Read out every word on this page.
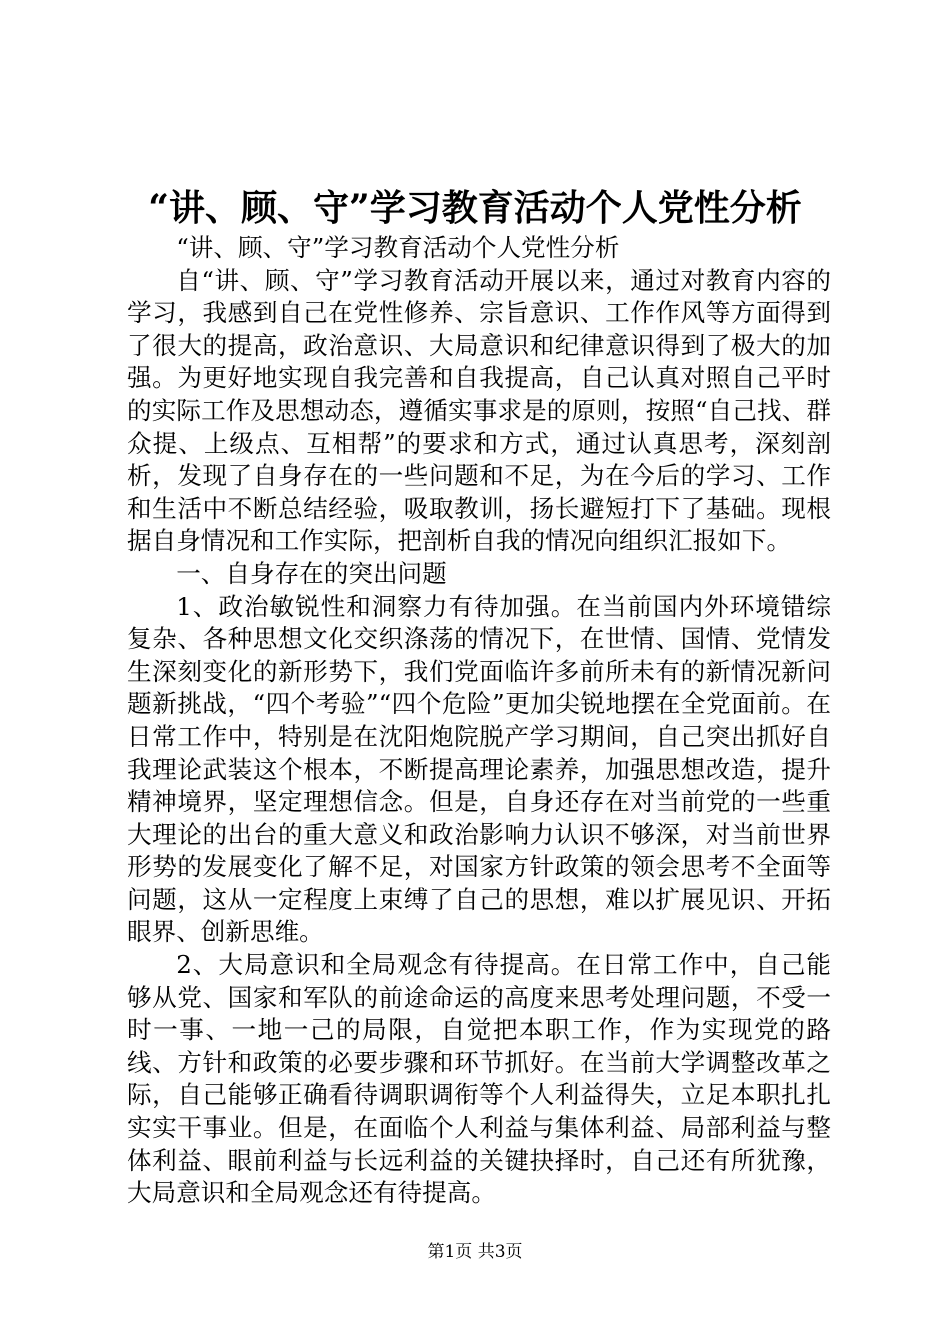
“讲、顾、守”学习教育活动个人党性分析

“讲、顾、守”学习教育活动个人党性分析

自“讲、顾、守”学习教育活动开展以来，通过对教育内容的学习，我感到自己在党性修养、宗旨意识、工作作风等方面得到了很大的提高，政治意识、大局意识和纪律意识得到了极大的加强。为更好地实现自我完善和自我提高，自己认真对照自己平时的实际工作及思想动态，遵循实事求是的原则，按照“自己找、群众提、上级点、互相帮”的要求和方式，通过认真思考，深刻剖析，发现了自身存在的一些问题和不足，为在今后的学习、工作和生活中不断总结经验，吸取教训，扬长避短打下了基础。现根据自身情况和工作实际，把剖析自我的情况向组织汇报如下。

一、自身存在的突出问题

1、政治敏锐性和洞察力有待加强。在当前国内外环境错综复杂、各种思想文化交织涤荡的情况下，在世情、国情、党情发生深刻变化的新形势下，我们党面临许多前所未有的新情况新问题新挑战，“四个考验”“四个危险”更加尖锐地摆在全党面前。在日常工作中，特别是在沈阳炮院脱产学习期间，自己突出抓好自我理论武装这个根本，不断提高理论素养，加强思想改造，提升精神境界，坚定理想信念。但是，自身还存在对当前党的一些重大理论的出台的重大意义和政治影响力认识不够深，对当前世界形势的发展变化了解不足，对国家方针政策的领会思考不全面等问题，这从一定程度上束缚了自己的思想，难以扩展见识、开拓眼界、创新思维。

2、大局意识和全局观念有待提高。在日常工作中，自己能够从党、国家和军队的前途命运的高度来思考处理问题，不受一时一事、一地一己的局限，自觉把本职工作，作为实现党的路线、方针和政策的必要步骤和环节抓好。在当前大学调整改革之际，自己能够正确看待调职调衔等个人利益得失，立足本职扎扎实实干事业。但是，在面临个人利益与集体利益、局部利益与整体利益、眼前利益与长远利益的关键抉择时，自己还有所犹豫，大局意识和全局观念还有待提高。

第1页 共3页
